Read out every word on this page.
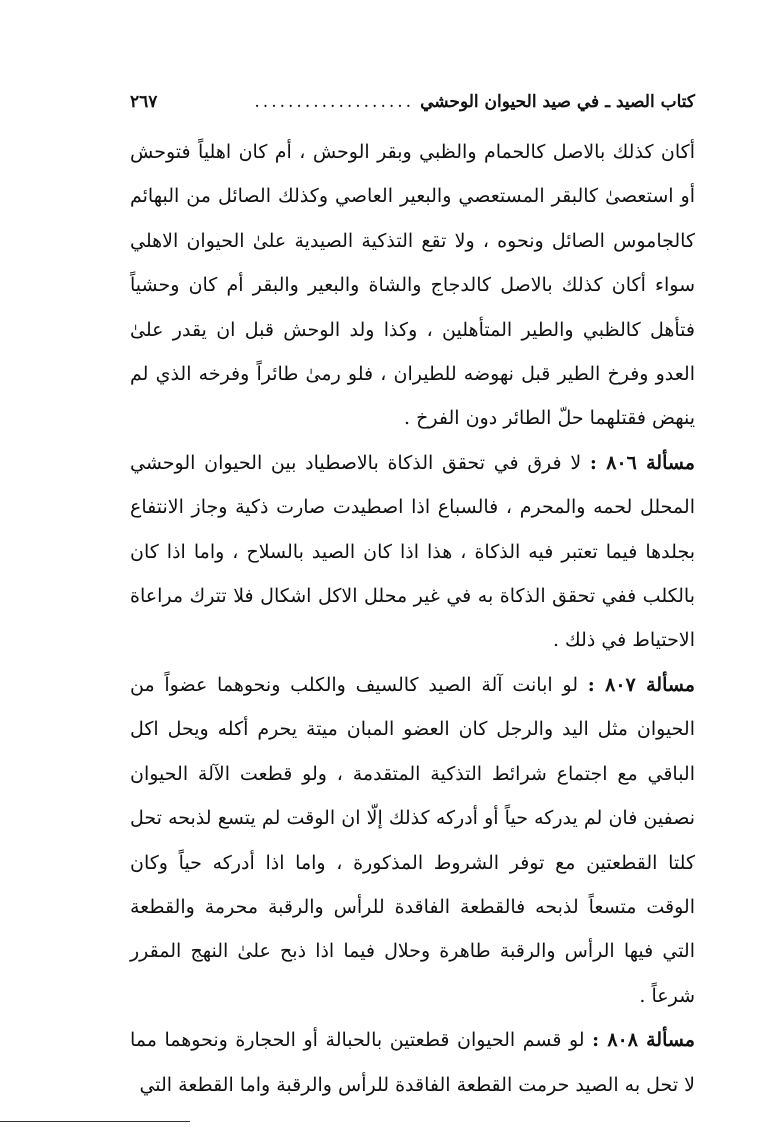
كتاب الصيد ـ في صيد الحيوان الوحشي
...................
٢٦٧

أكان كذلك بالاصل كالحمام والظبي وبقر الوحش ، أم كان اهلياً فتوحش أو استعصىٰ كالبقر المستعصي والبعير العاصي وكذلك الصائل من البهائم كالجاموس الصائل ونحوه ، ولا تقع التذكية الصيدية علىٰ الحيوان الاهلي سواء أكان كذلك بالاصل كالدجاج والشاة والبعير والبقر أم كان وحشياً فتأهل كالظبي والطير المتأهلين ، وكذا ولد الوحش قبل ان يقدر علىٰ العدو وفرخ الطير قبل نهوضه للطيران ، فلو رمىٰ طائراً وفرخه الذي لم ينهض فقتلهما حلّ الطائر دون الفرخ .

مسألة ٨٠٦ : لا فرق في تحقق الذكاة بالاصطياد بين الحيوان الوحشي المحلل لحمه والمحرم ، فالسباع اذا اصطيدت صارت ذكية وجاز الانتفاع بجلدها فيما تعتبر فيه الذكاة ، هذا اذا كان الصيد بالسلاح ، واما اذا كان بالكلب ففي تحقق الذكاة به في غير محلل الاكل اشكال فلا تترك مراعاة الاحتياط في ذلك .

مسألة ٨٠٧ : لو ابانت آلة الصيد كالسيف والكلب ونحوهما عضواً من الحيوان مثل اليد والرجل كان العضو المبان ميتة يحرم أكله ويحل اكل الباقي مع اجتماع شرائط التذكية المتقدمة ، ولو قطعت الآلة الحيوان نصفين فان لم يدركه حياً أو أدركه كذلك إلّا ان الوقت لم يتسع لذبحه تحل كلتا القطعتين مع توفر الشروط المذكورة ، واما اذا أدركه حياً وكان الوقت متسعاً لذبحه فالقطعة الفاقدة للرأس والرقبة محرمة والقطعة التي فيها الرأس والرقبة طاهرة وحلال فيما اذا ذبح علىٰ النهج المقرر شرعاً .

مسألة ٨٠٨ : لو قسم الحيوان قطعتين بالحبالة أو الحجارة ونحوهما مما لا تحل به الصيد حرمت القطعة الفاقدة للرأس والرقبة واما القطعة التي
